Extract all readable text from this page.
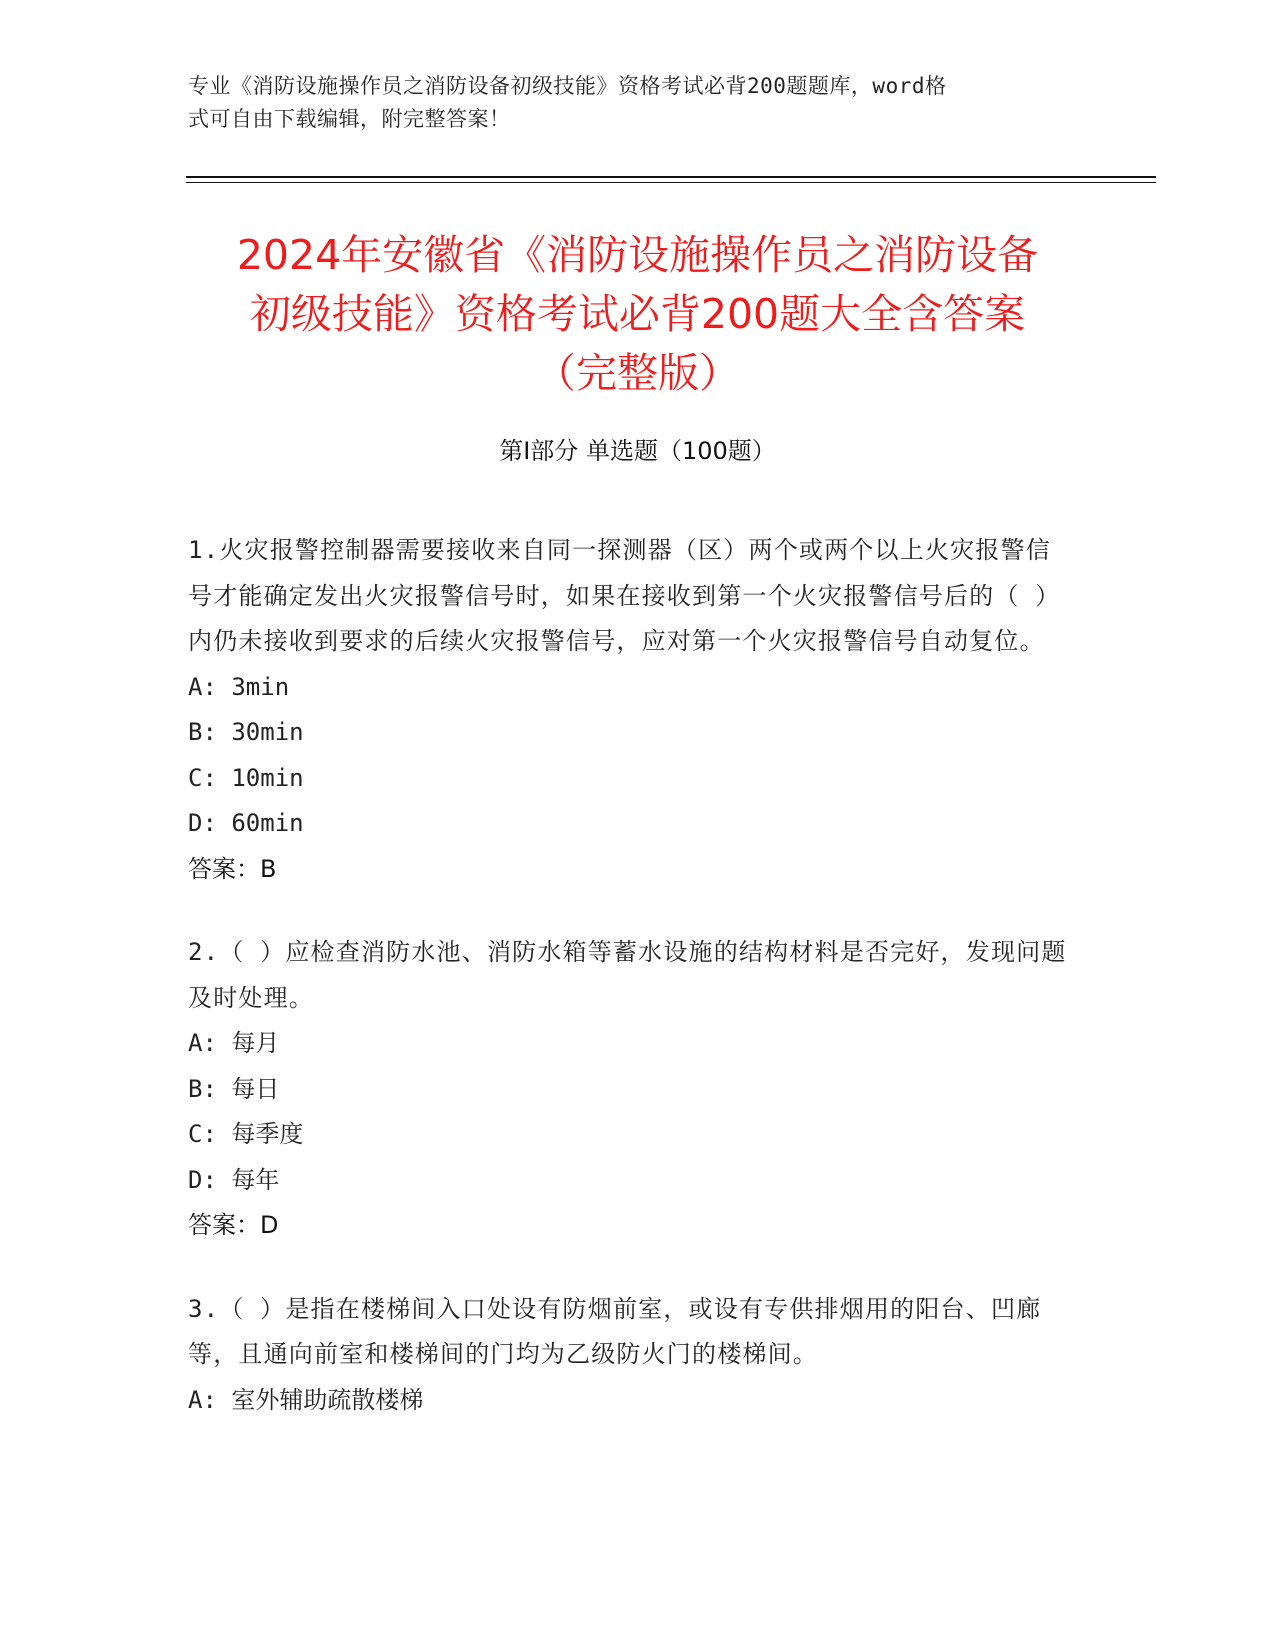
专业《消防设施操作员之消防设备初级技能》资格考试必背200题题库，word格
式可自由下载编辑，附完整答案！
2024年安徽省《消防设施操作员之消防设备
初级技能》资格考试必背200题大全含答案
（完整版）
第Ⅰ部分 单选题（100题）
1.火灾报警控制器需要接收来自同一探测器（区）两个或两个以上火灾报警信号才能确定发出火灾报警信号时，如果在接收到第一个火灾报警信号后的（ ）内仍未接收到要求的后续火灾报警信号，应对第一个火灾报警信号自动复位。
A: 3min
B: 30min
C: 10min
D: 60min
答案：B
2.（ ）应检查消防水池、消防水箱等蓄水设施的结构材料是否完好，发现问题及时处理。
A: 每月
B: 每日
C: 每季度
D: 每年
答案：D
3.（ ）是指在楼梯间入口处设有防烟前室，或设有专供排烟用的阳台、凹廊等，且通向前室和楼梯间的门均为乙级防火门的楼梯间。
A: 室外辅助疏散楼梯
